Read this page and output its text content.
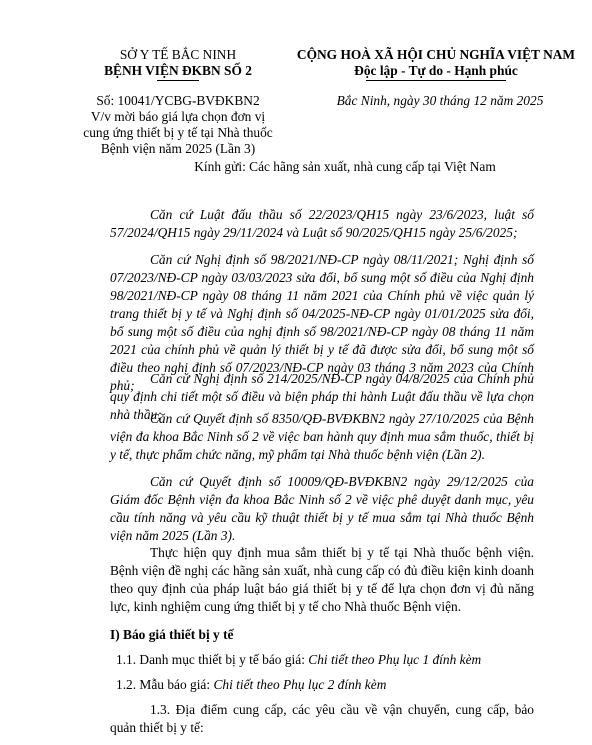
SỞ Y TẾ BẮC NINH
BỆNH VIỆN ĐKBN SỐ 2
Số: 10041/YCBG-BVĐKBN2
V/v mời báo giá lựa chọn đơn vị
cung ứng thiết bị y tế tại Nhà thuốc
Bệnh viện năm 2025 (Lần 3)
CỘNG HOÀ XÃ HỘI CHỦ NGHĨA VIỆT NAM
Độc lập - Tự do - Hạnh phúc
Bắc Ninh, ngày 30 tháng 12 năm 2025
Kính gửi: Các hãng sản xuất, nhà cung cấp tại Việt Nam
Căn cứ Luật đấu thầu số 22/2023/QH15 ngày 23/6/2023, luật số 57/2024/QH15 ngày 29/11/2024 và Luật số 90/2025/QH15 ngày 25/6/2025;
Căn cứ Nghị định số 98/2021/NĐ-CP ngày 08/11/2021; Nghị định số 07/2023/NĐ-CP ngày 03/03/2023 sửa đổi, bổ sung một số điều của Nghị định 98/2021/NĐ-CP ngày 08 tháng 11 năm 2021 của Chính phủ về việc quản lý trang thiết bị y tế và Nghị định số 04/2025-NĐ-CP ngày 01/01/2025 sửa đổi, bổ sung một số điều của nghị định số 98/2021/NĐ-CP ngày 08 tháng 11 năm 2021 của chính phủ về quản lý thiết bị y tế đã được sửa đổi, bổ sung một số điều theo nghị định số 07/2023/NĐ-CP ngày 03 tháng 3 năm 2023 của Chính phủ;	Căn cứ Nghị định số 214/2025/NĐ-CP ngày 04/8/2025 của Chính phủ quy định chi tiết một số điều và biện pháp thi hành Luật đấu thầu về lựa chọn nhà thầu;
Căn cứ Quyết định số 8350/QĐ-BVĐKBN2 ngày 27/10/2025 của Bệnh viện đa khoa Bắc Ninh số 2 về việc ban hành quy định mua sắm thuốc, thiết bị y tế, thực phẩm chức năng, mỹ phẩm tại Nhà thuốc bệnh viện (Lần 2).
Căn cứ Quyết định số 10009/QĐ-BVĐKBN2 ngày 29/12/2025 của Giám đốc Bệnh viện đa khoa Bắc Ninh số 2 về việc phê duyệt danh mục, yêu cầu tính năng và yêu cầu kỹ thuật thiết bị y tế mua sắm tại Nhà thuốc Bệnh viện năm 2025 (Lần 3).
Thực hiện quy định mua sắm thiết bị y tế tại Nhà thuốc bệnh viện. Bệnh viện đề nghị các hãng sản xuất, nhà cung cấp có đủ điều kiện kinh doanh theo quy định của pháp luật báo giá thiết bị y tế để lựa chọn đơn vị đủ năng lực, kinh nghiệm cung ứng thiết bị y tế cho Nhà thuốc Bệnh viện.
I) Báo giá thiết bị y tế
1.1. Danh mục thiết bị y tế báo giá: Chi tiết theo Phụ lục 1 đính kèm
1.2. Mẫu báo giá: Chi tiết theo Phụ lục 2 đính kèm
1.3. Địa điểm cung cấp, các yêu cầu về vận chuyển, cung cấp, bảo quản thiết bị y tế:
